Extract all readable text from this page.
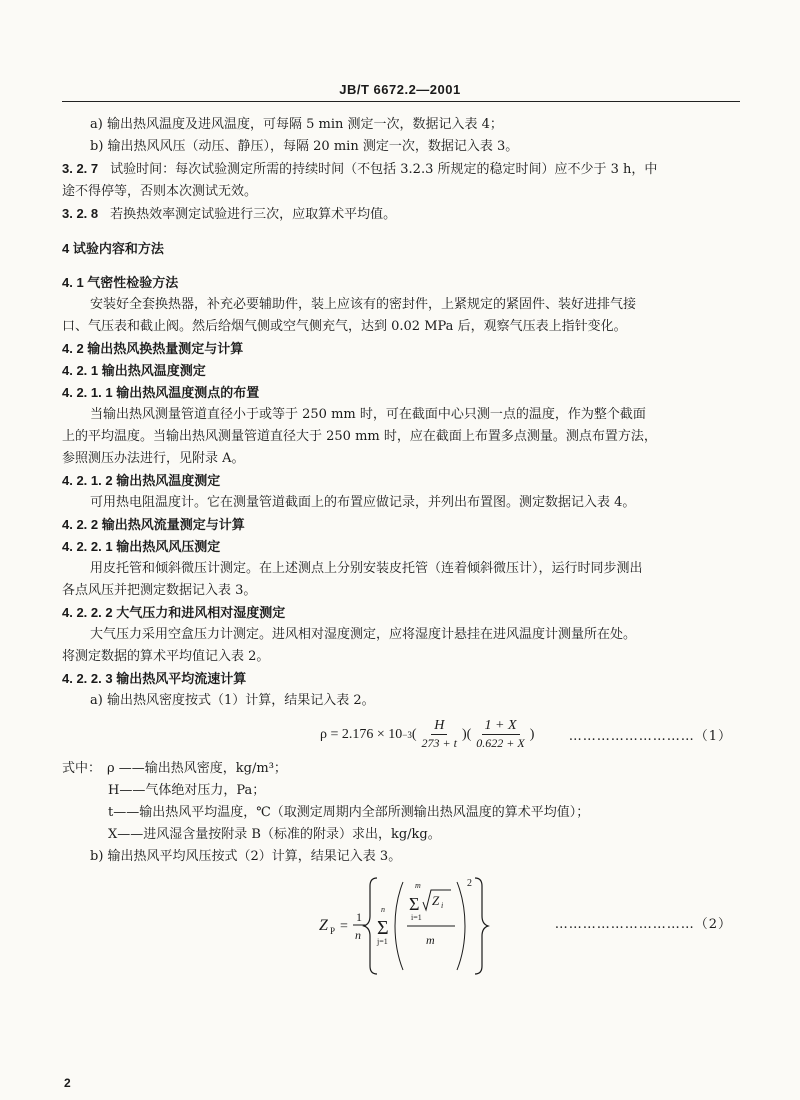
JB/T 6672.2—2001
a) 输出热风温度及进风温度，可每隔 5 min 测定一次，数据记入表 4；
b) 输出热风风压（动压、静压），每隔 20 min 测定一次，数据记入表 3。
3. 2. 7 试验时间：每次试验测定所需的持续时间（不包括 3.2.3 所规定的稳定时间）应不少于 3 h，中
途不得停等，否则本次测试无效。
3. 2. 8 若换热效率测定试验进行三次，应取算术平均值。
4 试验内容和方法
4. 1 气密性检验方法
安装好全套换热器，补充必要辅助件，装上应该有的密封件，上紧规定的紧固件、装好进排气接
口、气压表和截止阀。然后给烟气侧或空气侧充气，达到 0.02 MPa 后，观察气压表上指针变化。
4. 2 输出热风换热量测定与计算
4. 2. 1 输出热风温度测定
4. 2. 1. 1 输出热风温度测点的布置
当输出热风测量管道直径小于或等于 250 mm 时，可在截面中心只测一点的温度，作为整个截面
上的平均温度。当输出热风测量管道直径大于 250 mm 时，应在截面上布置多点测量。测点布置方法，
参照测压办法进行，见附录 A。
4. 2. 1. 2 输出热风温度测定
可用热电阻温度计。它在测量管道截面上的布置应做记录，并列出布置图。测定数据记入表 4。
4. 2. 2 输出热风流量测定与计算
4. 2. 2. 1 输出热风风压测定
用皮托管和倾斜微压计测定。在上述测点上分别安装皮托管（连着倾斜微压计），运行时同步测出
各点风压并把测定数据记入表 3。
4. 2. 2. 2 大气压力和进风相对湿度测定
大气压力采用空盒压力计测定。进风相对湿度测定，应将湿度计悬挂在进风温度计测量所在处。
将测定数据的算术平均值记入表 2。
4. 2. 2. 3 输出热风平均流速计算
a) 输出热风密度按式（1）计算，结果记入表 2。
ρ = 2.176 × 10 −3 ( $\frac{H}{273 + t}$ )( $\frac{1 + X}{0.622 + X}$ )	………………………（1）
式中： ρ ——输出热风密度，kg/m³；
H——气体绝对压力，Pa；
t——输出热风平均温度，℃（取测定周期内全部所测输出热风温度的算术平均值）；
X——进风湿含量按附录 B（标准的附录）求出，kg/kg。
b) 输出热风平均风压按式（2）计算，结果记入表 3。
Z P =
1
n
n
Σ
j=1
m
Σ
i=1
Z i
m
2
…………………………（2）
2
